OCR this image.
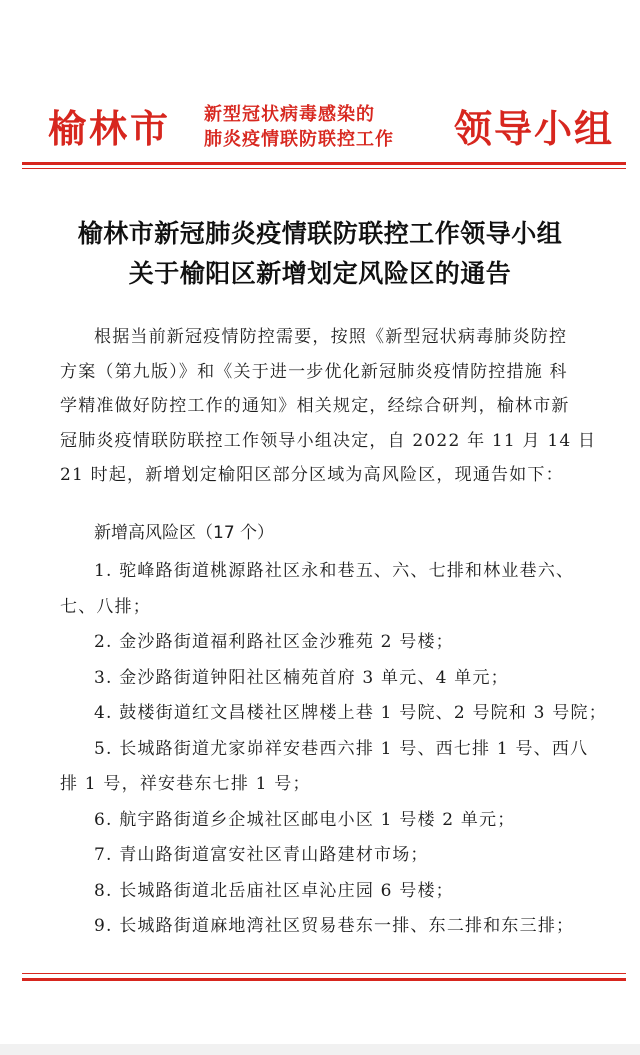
榆林市 新型冠状病毒感染的
肺炎疫情联防联控工作	领导小组
榆林市新冠肺炎疫情联防联控工作领导小组
关于榆阳区新增划定风险区的通告
根据当前新冠疫情防控需要，按照《新型冠状病毒肺炎防控
方案（第九版）》和《关于进一步优化新冠肺炎疫情防控措施 科
学精准做好防控工作的通知》相关规定，经综合研判，榆林市新
冠肺炎疫情联防联控工作领导小组决定，自 2022 年 11 月 14 日
21 时起，新增划定榆阳区部分区域为高风险区，现通告如下：
新增高风险区（17 个）
1. 驼峰路街道桃源路社区永和巷五、六、七排和林业巷六、
七、八排；
2. 金沙路街道福利路社区金沙雅苑 2 号楼；
3. 金沙路街道钟阳社区楠苑首府 3 单元、4 单元；
4. 鼓楼街道红文昌楼社区牌楼上巷 1 号院、2 号院和 3 号院；
5. 长城路街道尤家峁祥安巷西六排 1 号、西七排 1 号、西八
排 1 号，祥安巷东七排 1 号；
6. 航宇路街道乡企城社区邮电小区 1 号楼 2 单元；
7. 青山路街道富安社区青山路建材市场；
8. 长城路街道北岳庙社区卓沁庄园 6 号楼；
9. 长城路街道麻地湾社区贸易巷东一排、东二排和东三排；
